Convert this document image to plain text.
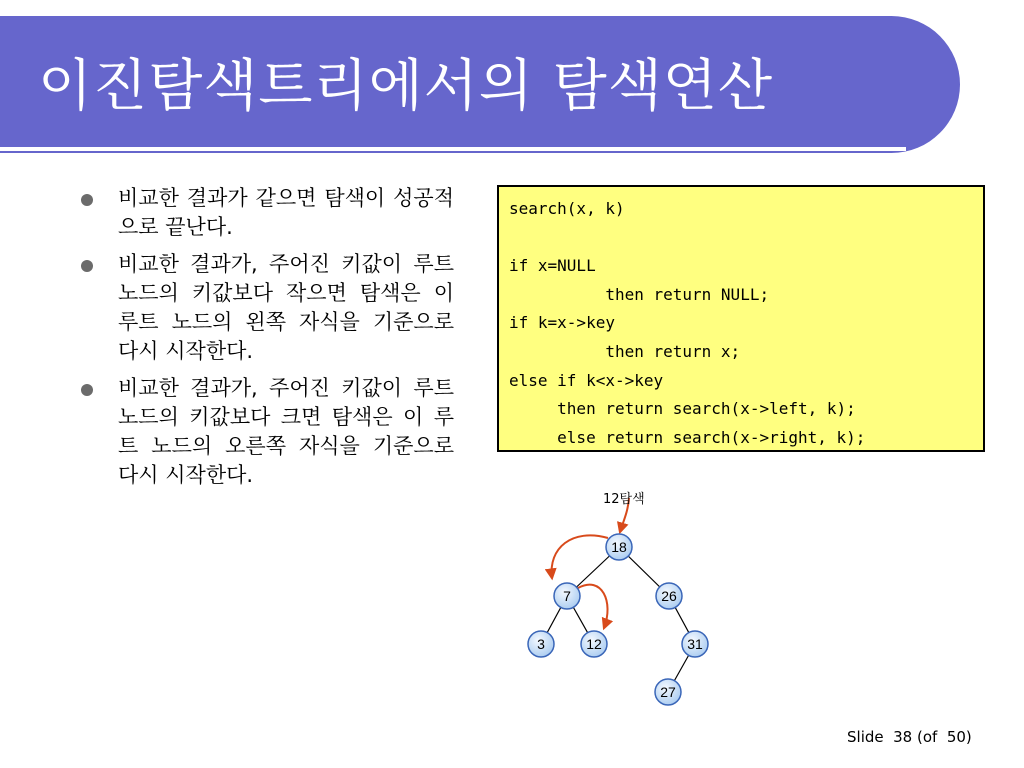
이진탐색트리에서의 탐색연산
비교한 결과가 같으면 탐색이 성공적으로 끝난다.
비교한 결과가, 주어진 키값이 루트 노드의 키값보다 작으면 탐색은 이 루트 노드의 왼쪽 자식을 기준으로 다시 시작한다.
비교한 결과가, 주어진 키값이 루트 노드의 키값보다 크면 탐색은 이 루트 노드의 오른쪽 자식을 기준으로 다시 시작한다.
search(x, k)
if x=NULL
then return NULL;
if k=x->key
then return x;
else if k<x->key
then return search(x->left, k);
else return search(x->right, k);
18
7	26
3	12	31
27
12탐색
Slide  38 (of  50)
